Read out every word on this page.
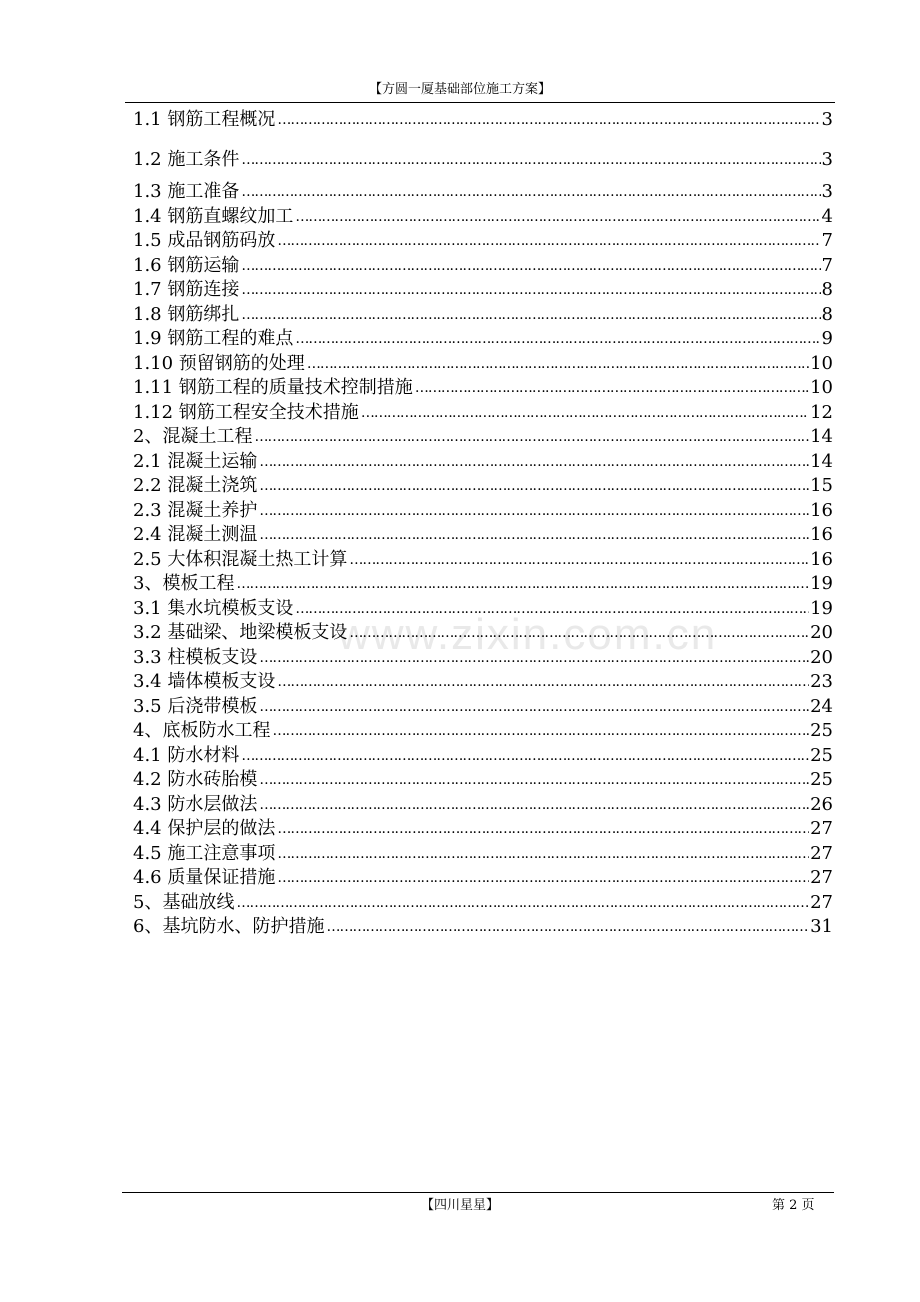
【方圆一厦基础部位施工方案】
www.zixin.com.cn
1.1 钢筋工程概况 …………………………………………………………………………………………………………………………………………	3
1.2 施工条件 …………………………………………………………………………………………………………………………………………	3
1.3 施工准备 …………………………………………………………………………………………………………………………………………	3
1.4 钢筋直螺纹加工 …………………………………………………………………………………………………………………………………………	4
1.5 成品钢筋码放 …………………………………………………………………………………………………………………………………………	7
1.6 钢筋运输 …………………………………………………………………………………………………………………………………………	7
1.7 钢筋连接 …………………………………………………………………………………………………………………………………………	8
1.8 钢筋绑扎 …………………………………………………………………………………………………………………………………………	8
1.9 钢筋工程的难点 …………………………………………………………………………………………………………………………………………	9
1.10 预留钢筋的处理 …………………………………………………………………………………………………………………………………………	10
1.11 钢筋工程的质量技术控制措施 …………………………………………………………………………………………………………………………………………	10
1.12 钢筋工程安全技术措施 …………………………………………………………………………………………………………………………………………	12
2、混凝土工程 …………………………………………………………………………………………………………………………………………	14
2.1 混凝土运输 …………………………………………………………………………………………………………………………………………	14
2.2 混凝土浇筑 …………………………………………………………………………………………………………………………………………	15
2.3 混凝土养护 …………………………………………………………………………………………………………………………………………	16
2.4 混凝土测温 …………………………………………………………………………………………………………………………………………	16
2.5 大体积混凝土热工计算 …………………………………………………………………………………………………………………………………………	16
3、模板工程 …………………………………………………………………………………………………………………………………………	19
3.1 集水坑模板支设 …………………………………………………………………………………………………………………………………………	19
3.2 基础梁、地梁模板支设 …………………………………………………………………………………………………………………………………………	20
3.3 柱模板支设 …………………………………………………………………………………………………………………………………………	20
3.4 墙体模板支设 …………………………………………………………………………………………………………………………………………	23
3.5 后浇带模板 …………………………………………………………………………………………………………………………………………	24
4、底板防水工程 …………………………………………………………………………………………………………………………………………	25
4.1 防水材料 …………………………………………………………………………………………………………………………………………	25
4.2 防水砖胎模 …………………………………………………………………………………………………………………………………………	25
4.3 防水层做法 …………………………………………………………………………………………………………………………………………	26
4.4 保护层的做法 …………………………………………………………………………………………………………………………………………	27
4.5 施工注意事项 …………………………………………………………………………………………………………………………………………	27
4.6 质量保证措施 …………………………………………………………………………………………………………………………………………	27
5、基础放线 …………………………………………………………………………………………………………………………………………	27
6、基坑防水、防护措施 …………………………………………………………………………………………………………………………………………	31
【四川星星】	第 2 页
